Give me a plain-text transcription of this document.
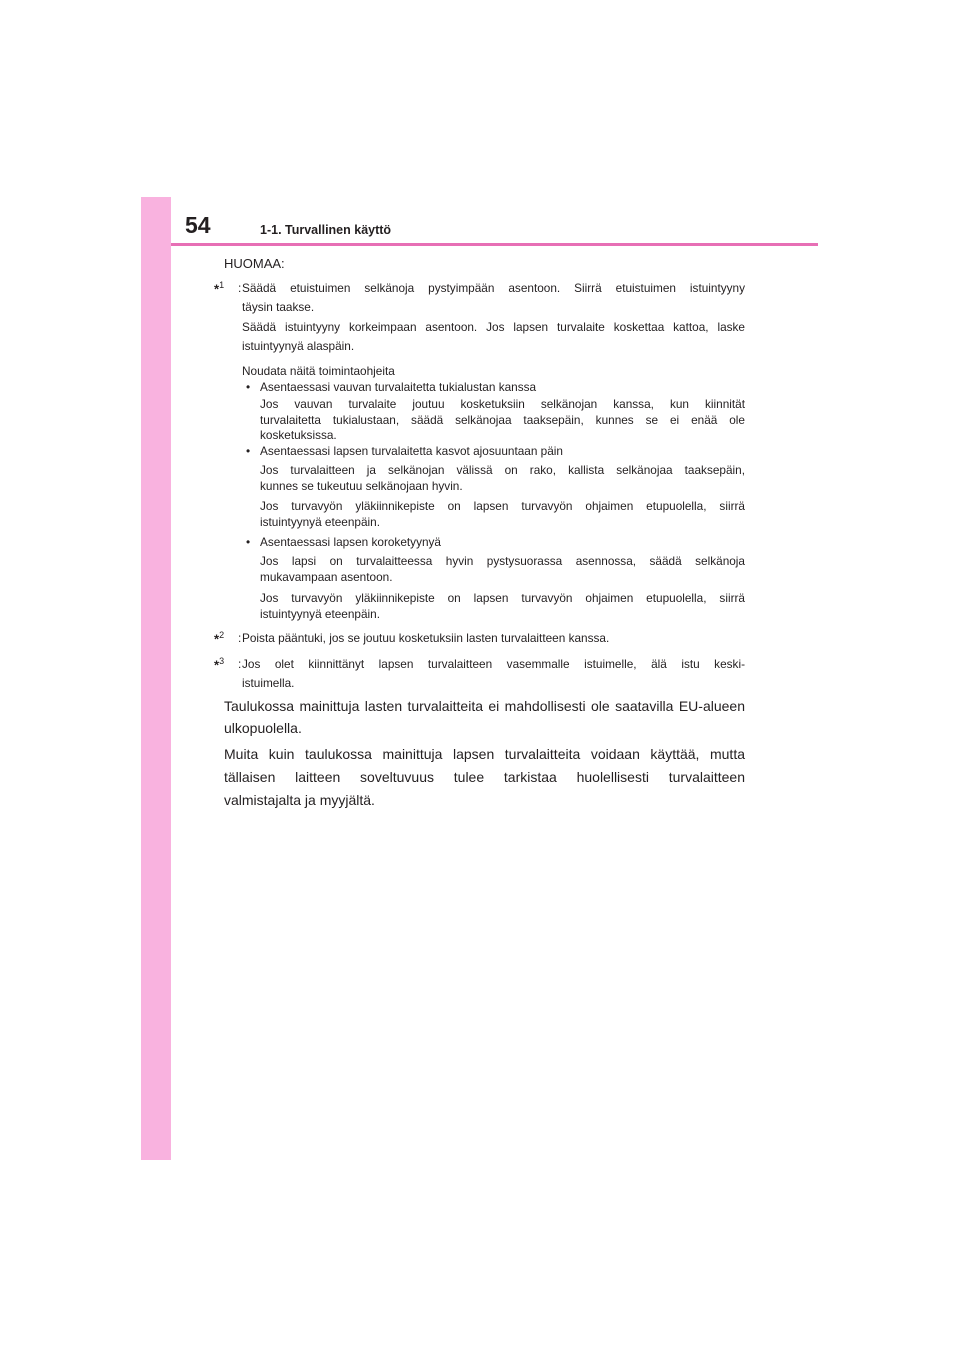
54	1-1. Turvallinen käyttö
HUOMAA:
*$^1$ : Säädä etuistuimen selkänoja pystyimpään asentoon. Siirrä etuistuimen istuintyyny
täysin taakse.
Säädä istuintyyny korkeimpaan asentoon. Jos lapsen turvalaite koskettaa kattoa, laske
istuintyynyä alaspäin.
Noudata näitä toimintaohjeita
• Asentaessasi vauvan turvalaitetta tukialustan kanssa
Jos vauvan turvalaite joutuu kosketuksiin selkänojan kanssa, kun kiinnität
turvalaitetta tukialustaan, säädä selkänojaa taaksepäin, kunnes se ei enää ole
kosketuksissa.
• Asentaessasi lapsen turvalaitetta kasvot ajosuuntaan päin
Jos turvalaitteen ja selkänojan välissä on rako, kallista selkänojaa taaksepäin,
kunnes se tukeutuu selkänojaan hyvin.
Jos turvavyön yläkiinnikepiste on lapsen turvavyön ohjaimen etupuolella, siirrä
istuintyynyä eteenpäin.
• Asentaessasi lapsen koroketyynyä
Jos lapsi on turvalaitteessa hyvin pystysuorassa asennossa, säädä selkänoja
mukavampaan asentoon.
Jos turvavyön yläkiinnikepiste on lapsen turvavyön ohjaimen etupuolella, siirrä
istuintyynyä eteenpäin.
*$^2$ : Poista pääntuki, jos se joutuu kosketuksiin lasten turvalaitteen kanssa.
*$^3$ : Jos olet kiinnittänyt lapsen turvalaitteen vasemmalle istuimelle, älä istu keski-
istuimella.
Taulukossa mainittuja lasten turvalaitteita ei mahdollisesti ole saatavilla EU-alueen
ulkopuolella.
Muita kuin taulukossa mainittuja lapsen turvalaitteita voidaan käyttää, mutta
tällaisen laitteen soveltuvuus tulee tarkistaa huolellisesti turvalaitteen
valmistajalta ja myyjältä.
